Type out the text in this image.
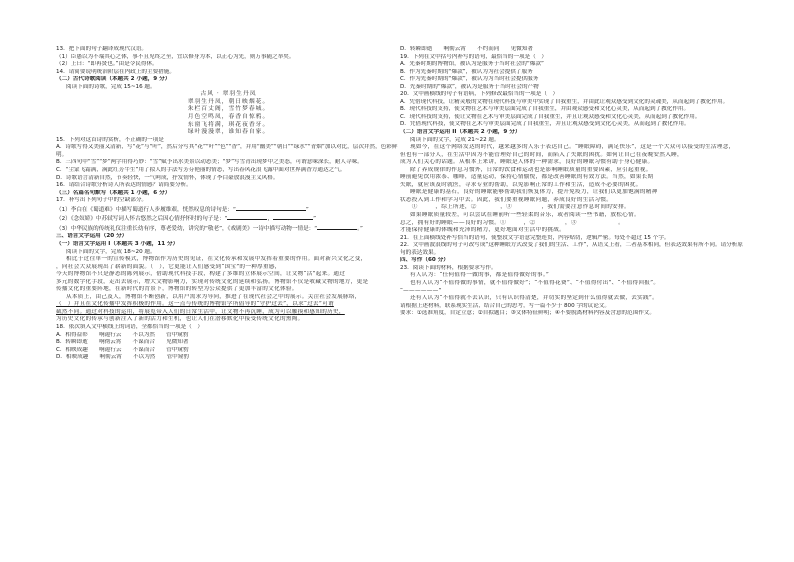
13．把下面的句子翻译成现代汉语。
（1）臣愚以为不端其心之体，事不且见终之至，宜以修身为本，以正心为先，则万事随之举矣。
（2）上曰：“即再贤也。”由是令民得休。
14．请简要说明统治阶层在内政上的主要措施。
（二）古代诗歌阅读（本题共 2 小题，9 分）
阅读下面的诗歌，完成 15~16 题。
古风 · 翠羽生丹凤
翠羽生丹凤，朝日映烟花。
朱栏百丈阁，雪竹梦春城。
月色空鸣凤，春香自惊鸦。
东窗飞将满，琪花夜香牙。
绿叶漫漫翠，谁知春自家。
15．下列对这首诗的赏析，不正确的一项是
A．诗歌写得又美丽又清新，写“花”与“叶”，然后分写其“花”“叶”“色”“香”，并用“幽美”“朝日”“绿水”“青烟”加以对比，层次井然，色彩鲜明。
B．三四句中“雪”“梦”两字用得巧妙：“雪”赋予出水美景以动态美；“梦”写雪青出现梦中之美态，可谓意味深长，耐人寻味。
C．“尘蒙飞霜满，满此红芳牛生”用了拟人的手法写芳芬艳丽的情态，写出春风花浪飞露中面对世界满香方通达之气。
D．诗歌语言清新自然，节奏轻快，一气呵成，抒发情怀，体现了李白豪放浪漫主义风格。
16．请结合诗歌分析诗人所表达的情感？请简要分析。
（三）名篇名句默写（本题共 1 小题，6 分）
17．补写出下列句子中的空缺部分。
（1）李白在《蜀道难》中描写蜀道行人步履维艰，恍然叹息的诗句是：“	”
（2）《念奴娇》中苏轼写词人怀古悠然之后因心情抒怀时的句子是：“	，	”
（3）中华民族的传统礼仪注重长幼有序，尊老爱幼，讲究的“敬老”，《戏剧美》一诗中描写动物一情是：“	。”
三、语言文字运用（20 分）
（一）语言文字运用 I（本题共 3 小题，11 分）
阅读下面的文字，完成 18~20 题。
相比于过往单一的宣传模式，博物馆作为历史的见证，在文化传承和发展中发挥着重要的作用。面对新兴文化之变，
，向社会大众展现出了崭新的面貌。（　），它更能让人们感受到“国宝”的一种厚重感，
今天的博物馆不只是静态的陈列展示，借助现代科技手段，构建了多维的立体展示空间，让文物“活”起来。通过
多元的数字化手段，走出去展示，增大文物影响力，实现对传统文化的延续和弘扬。博物馆不仅是收藏文物的地方，更是
传播文化的重要阵地，在新时代的背景下，博物馆的转型为公众提供了更加丰富的文化体验。
从本质上，由己及人，博物馆不断创新，以用户需求为导向，推进了在现代社会之中的展示。关注社会发展脉络，
（　）并且在文化传播中发挥积极的作用。这一点与传统的博物馆学所倡导的“守护过去”，以求“过去”可谓
截然不同。通过对科技的运用，将展览带入人们的日常生活中，让文物不再沉睡，成为可以触摸和感知的历史，
为历史文化的传承与创新注入了新的活力和生机，也让人们在潜移默化中接受传统文化的熏陶。
18．依次填入文中横线上的词语，全都恰当的一项是（　）
A．相得益彰　　响遏行云　　不以为然　　管中窥豹
B．转瞬即逝　　响彻云霄　　不谋而合　　见微知著
C．相映成趣　　响遏行云　　不谋而合　　管中窥豹
D．相映成趣　　响彻云霄　　不以为然　　管中窥豹
D．转瞬即逝　　响彻云霄　　不约而同　　见微知著
19．下列在文中括号内补写的语句，最恰当的一项是（　）
A．先秦时期的博物馆，被认为是服务于当时社会的“爆款”
B．作为先秦时期的“爆款”，被认为为社会提供了服务
C．作为先秦时期的“爆款”，被认为为当时社会提供服务
D．先秦时期的“爆款”，被认为是服务于当时社会的产物
20．文中画横线的句子有语病，下列修改最恰当的一项是（　）
A．凭借现代科技，让精灵般的文物在现代科技与审美中实现了自我重生，并由此让观众感受到文化的灵魂美，从而起到了教化作用。
B．现代科技的支持，使文物在艺术与审美层面完成了自我重生，并由观众感受和文化心灵美，从而起到了教化作用。
C．现代科技的支持，使让文物在艺术与审美层面完成了自我重生，并且让观众感受和文化心灵美，从而起到了教化作用。
D．凭借现代科技，使文物在艺术与审美层面完成了自我重生，并且让观众感受到文化心灵美，从而起到了教化作用。
（二）语言文字运用 II（本题共 2 小题，9 分）
阅读下面的文字，完成 21~22 题。
现如今，在这个网络发达的时代，越来越多的人乐于表达自己。“睡眠障碍，满足快乐”，这是一个大众可以接受的生活理念，
但也有一部分人，在生活中因为不能管理好自己的时间，而陷入了失眠的困扰。如何让自己在夜晚安然入睡，
成为人们关心的话题。从根本上来讲，睡眠是人体的一种需求，良好的睡眠习惯有助于身心健康。
除了养成规律的作息习惯外，日常的饮食和运动也是影响睡眠质量的重要因素，应引起重视。
睡前避免饮用浓茶、咖啡，适量运动，保持心情愉悦，都是改善睡眠的有效方法。当然，如果长期
失眠，就应该及时就医，寻求专业的帮助，以免影响正常的工作和生活，造成不必要的困扰。
睡眠是健康的基石，良好的睡眠能够帮助我们恢复体力，提升免疫力，让我们以更加饱满的精神
状态投入到工作和学习中去。因此，我们要重视睡眠问题，养成良好的生活习惯。
　　①　　　，综上所述，②　　　　，③　　　　　，我们需要注意作息时间的安排。
如果睡眠质量较差，可以尝试在睡前听一些轻柔的音乐，或者阅读一些书籍，放松心情。
总之，拥有好的睡眠——良好的习惯。①　　　，②　　　　　，③　　　　　　　。
才能保持健康的体魄和充沛的精力，更好地面对生活中的挑战。
21．在上面横线处补写恰当的语句，使整段文字语意完整连贯，内容贴切，逻辑严密。每处不超过 15 个字。
22．文中画波浪线的句子可改写成“这种睡眠方式改变了我们的生活、工作”，从语义上看，二者基本相同，但表达效果有所不同。请分析原句的表达效果。
四、写作（60 分）
23．阅读下面的材料，根据要求写作。
有人认为：“任何值得一做的事，都是值得做好的事。”
也有人认为“不值得做的事情，就不值得做好”；“不值得花费”、“不值得付出”、“不值得回报”。
“——————”
还有人认为“不值得就不去认识，只有认识得清楚，并切实的坚定到什么值得就去做，去实践”。
请根据上述材料，联系现实生活，结合自己的思考，写一篇不少于 800 字的议论文。
要求：①选准角度，自定立意；②自拟题目；③文体特征鲜明；④不要脱离材料内容及含意的范围作文。
